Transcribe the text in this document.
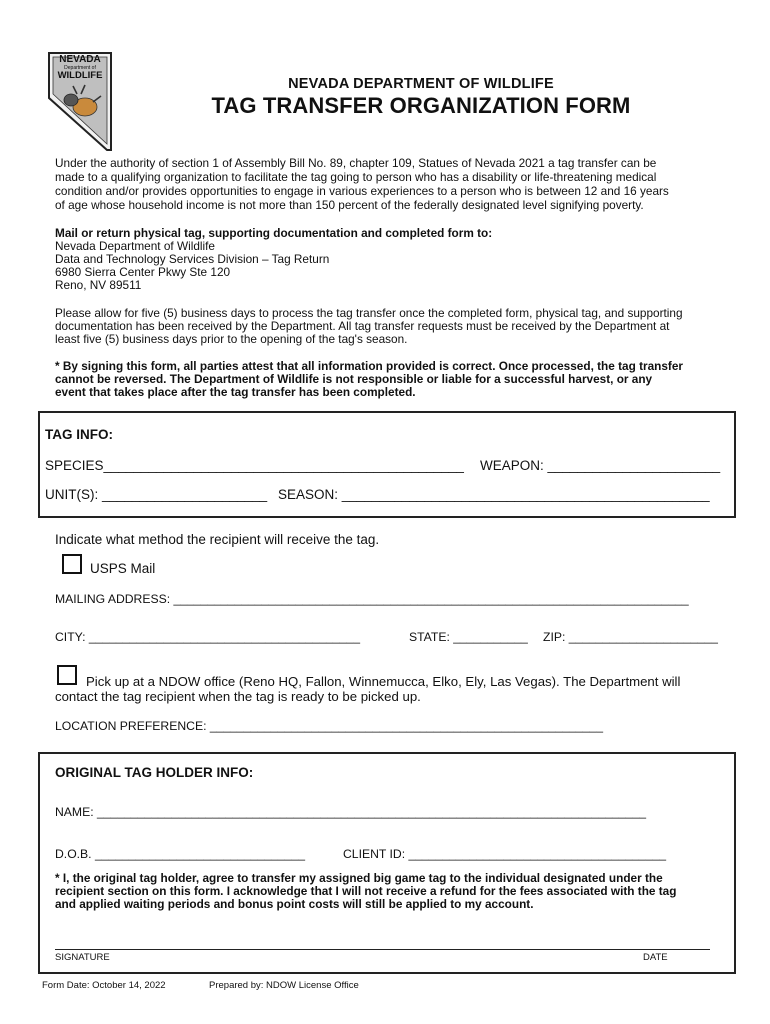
NEVADA
Department of
WILDLIFE
NEVADA DEPARTMENT OF WILDLIFE
TAG TRANSFER ORGANIZATION FORM
Under the authority of section 1 of Assembly Bill No. 89, chapter 109, Statues of Nevada 2021 a tag transfer can be
made to a qualifying organization to facilitate the tag going to person who has a disability or life-threatening medical
condition and/or provides opportunities to engage in various experiences to a person who is between 12 and 16 years
of age whose household income is not more than 150 percent of the federally designated level signifying poverty.
Mail or return physical tag, supporting documentation and completed form to:
Nevada Department of Wildlife
Data and Technology Services Division – Tag Return
6980 Sierra Center Pkwy Ste 120
Reno, NV 89511
Please allow for five (5) business days to process the tag transfer once the completed form, physical tag, and supporting
documentation has been received by the Department. All tag transfer requests must be received by the Department at
least five (5) business days prior to the opening of the tag's season.
* By signing this form, all parties attest that all information provided is correct. Once processed, the tag transfer
cannot be reversed. The Department of Wildlife is not responsible or liable for a successful harvest, or any
event that takes place after the tag transfer has been completed.
TAG INFO:
SPECIES________________________________________________ WEAPON: _______________________
UNIT(S): ______________________ SEASON: _________________________________________________
Indicate what method the recipient will receive the tag.
USPS Mail
MAILING ADDRESS: ____________________________________________________________________________
CITY: ________________________________________	STATE: ___________ ZIP: ______________________
Pick up at a NDOW office (Reno HQ, Fallon, Winnemucca, Elko, Ely, Las Vegas). The Department will
contact the tag recipient when the tag is ready to be picked up.
LOCATION PREFERENCE: __________________________________________________________
ORIGINAL TAG HOLDER INFO:
NAME: _________________________________________________________________________________
D.O.B. _______________________________	CLIENT ID: ______________________________________
* I, the original tag holder, agree to transfer my assigned big game tag to the individual designated under the
recipient section on this form. I acknowledge that I will not receive a refund for the fees associated with the tag
and applied waiting periods and bonus point costs will still be applied to my account.
SIGNATURE	DATE
Form Date: October 14, 2022	Prepared by: NDOW License Office
